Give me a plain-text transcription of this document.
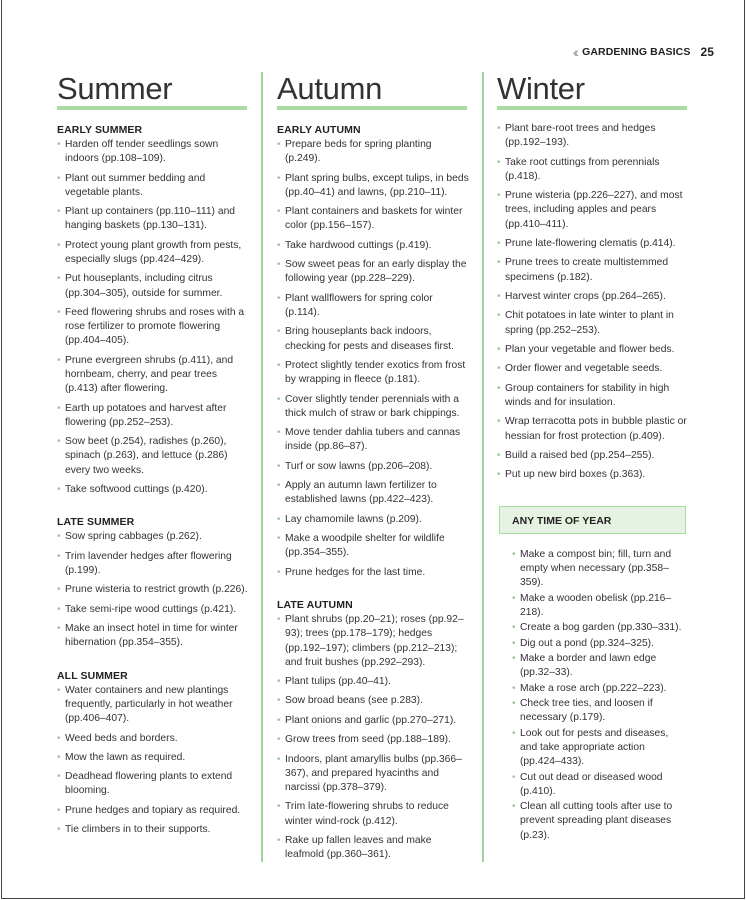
‹‹ GARDENING BASICS 25
Summer
EARLY SUMMER
• Harden off tender seedlings sown indoors (pp.108–109).
• Plant out summer bedding and vegetable plants.
• Plant up containers (pp.110–111) and hanging baskets (pp.130–131).
• Protect young plant growth from pests, especially slugs (pp.424–429).
• Put houseplants, including citrus (pp.304–305), outside for summer.
• Feed flowering shrubs and roses with a rose fertilizer to promote flowering (pp.404–405).
• Prune evergreen shrubs (p.411), and hornbeam, cherry, and pear trees (p.413) after flowering.
• Earth up potatoes and harvest after flowering (pp.252–253).
• Sow beet (p.254), radishes (p.260), spinach (p.263), and lettuce (p.286) every two weeks.
• Take softwood cuttings (p.420).
LATE SUMMER
• Sow spring cabbages (p.262).
• Trim lavender hedges after flowering (p.199).
• Prune wisteria to restrict growth (p.226).
• Take semi-ripe wood cuttings (p.421).
• Make an insect hotel in time for winter hibernation (pp.354–355).
ALL SUMMER
• Water containers and new plantings frequently, particularly in hot weather (pp.406–407).
• Weed beds and borders.
• Mow the lawn as required.
• Deadhead flowering plants to extend blooming.
• Prune hedges and topiary as required.
• Tie climbers in to their supports.
Autumn
EARLY AUTUMN
• Prepare beds for spring planting (p.249).
• Plant spring bulbs, except tulips, in beds (pp.40–41) and lawns, (pp.210–11).
• Plant containers and baskets for winter color (pp.156–157).
• Take hardwood cuttings (p.419).
• Sow sweet peas for an early display the following year (pp.228–229).
• Plant wallflowers for spring color (p.114).
• Bring houseplants back indoors, checking for pests and diseases first.
• Protect slightly tender exotics from frost by wrapping in fleece (p.181).
• Cover slightly tender perennials with a thick mulch of straw or bark chippings.
• Move tender dahlia tubers and cannas inside (pp.86–87).
• Turf or sow lawns (pp.206–208).
• Apply an autumn lawn fertilizer to established lawns (pp.422–423).
• Lay chamomile lawns (p.209).
• Make a woodpile shelter for wildlife (pp.354–355).
• Prune hedges for the last time.
LATE AUTUMN
• Plant shrubs (pp.20–21); roses (pp.92–93); trees (pp.178–179); hedges (pp.192–197); climbers (pp.212–213); and fruit bushes (pp.292–293).
• Plant tulips (pp.40–41).
• Sow broad beans (see p.283).
• Plant onions and garlic (pp.270–271).
• Grow trees from seed (pp.188–189).
• Indoors, plant amaryllis bulbs (pp.366–367), and prepared hyacinths and narcissi (pp.378–379).
• Trim late-flowering shrubs to reduce winter wind-rock (p.412).
• Rake up fallen leaves and make leafmold (pp.360–361).
Winter
• Plant bare-root trees and hedges (pp.192–193).
• Take root cuttings from perennials (p.418).
• Prune wisteria (pp.226–227), and most trees, including apples and pears (pp.410–411).
• Prune late-flowering clematis (p.414).
• Prune trees to create multistemmed specimens (p.182).
• Harvest winter crops (pp.264–265).
• Chit potatoes in late winter to plant in spring (pp.252–253).
• Plan your vegetable and flower beds.
• Order flower and vegetable seeds.
• Group containers for stability in high winds and for insulation.
• Wrap terracotta pots in bubble plastic or hessian for frost protection (p.409).
• Build a raised bed (pp.254–255).
• Put up new bird boxes (p.363).
ANY TIME OF YEAR
• Make a compost bin; fill, turn and empty when necessary (pp.358–359).
• Make a wooden obelisk (pp.216–218).
• Create a bog garden (pp.330–331).
• Dig out a pond (pp.324–325).
• Make a border and lawn edge (pp.32–33).
• Make a rose arch (pp.222–223).
• Check tree ties, and loosen if necessary (p.179).
• Look out for pests and diseases, and take appropriate action (pp.424–433).
• Cut out dead or diseased wood (p.410).
• Clean all cutting tools after use to prevent spreading plant diseases (p.23).
